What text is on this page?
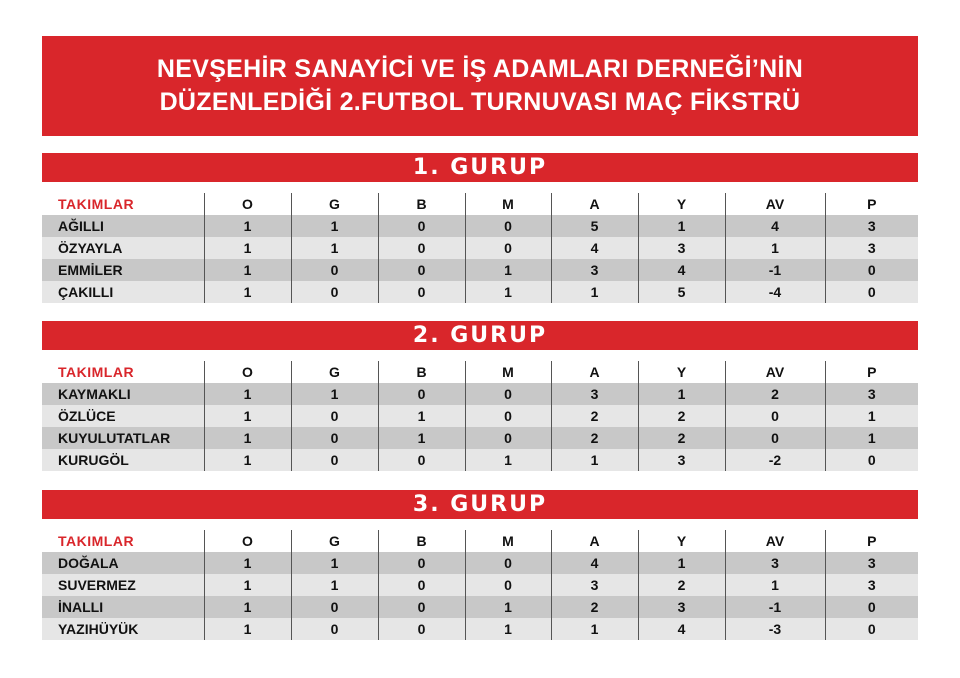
NEVŞEHİR SANAYİCİ VE İŞ ADAMLARI DERNEĞİ’NİN
DÜZENLEDİĞİ 2.FUTBOL TURNUVASI MAÇ FİKSTRÜ
1. GURUP
TAKIMLAR	O	G	B	M	A	Y	AV	P
AĞILLI	1	1	0	0	5	1	4	3
ÖZYAYLA	1	1	0	0	4	3	1	3
EMMİLER	1	0	0	1	3	4	-1	0
ÇAKILLI	1	0	0	1	1	5	-4	0
2. GURUP
TAKIMLAR	O	G	B	M	A	Y	AV	P
KAYMAKLI	1	1	0	0	3	1	2	3
ÖZLÜCE	1	0	1	0	2	2	0	1
KUYULUTATLAR	1	0	1	0	2	2	0	1
KURUGÖL	1	0	0	1	1	3	-2	0
3. GURUP
TAKIMLAR	O	G	B	M	A	Y	AV	P
DOĞALA	1	1	0	0	4	1	3	3
SUVERMEZ	1	1	0	0	3	2	1	3
İNALLI	1	0	0	1	2	3	-1	0
YAZIHÜYÜK	1	0	0	1	1	4	-3	0
